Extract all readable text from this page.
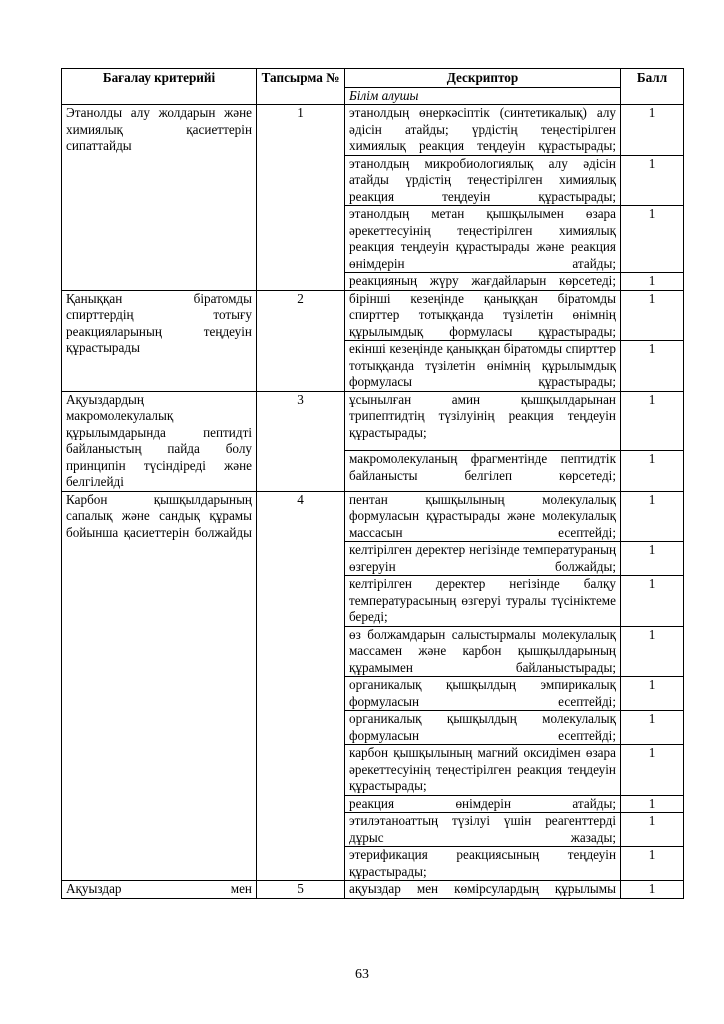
Бағалау критерийі	Тапсырма №	Дескриптор	Балл
		Білім алушы	
Этанолды алу жолдарын және химиялық қасиеттерін сипаттайды	1	этанолдың өнеркәсіптік (синтетикалық) алу әдісін атайды; үрдістің теңестірілген химиялық реакция теңдеуін құрастырады;	1
		этанолдың микробиологиялық алу әдісін атайды үрдістің теңестірілген химиялық реакция теңдеуін құрастырады;	1
		этанолдың метан қышқылымен өзара әрекеттесуінің теңестірілген химиялық реакция теңдеуін құрастырады және реакция өнімдерін атайды;	1
		реакцияның жүру жағдайларын көрсетеді;	1
Қаныққан біратомды спирттердің тотығу реакцияларының теңдеуін құрастырады	2	бірінші кезеңінде қаныққан біратомды спирттер тотыққанда түзілетін өнімнің құрылымдық формуласы құрастырады;	1
		екінші кезеңінде қаныққан біратомды спирттер тотыққанда түзілетін өнімнің құрылымдық формуласы құрастырады;	1
Ақуыздардың макромолекулалық құрылымдарында пептидті байланыстың пайда болу принципін түсіндіреді және белгілейді	3	ұсынылған амин қышқылдарынан трипептидтің түзілуінің реакция теңдеуін құрастырады;	1
		макромолекуланың фрагментінде пептидтік байланысты белгілеп көрсетеді;	1
Карбон қышқылдарының сапалық және сандық құрамы бойынша қасиеттерін болжайды	4	пентан қышқылының молекулалық формуласын құрастырады және молекулалық массасын есептейді;	1
		келтірілген деректер негізінде температураның өзгеруін болжайды;	1
		келтірілген деректер негізінде балқу температурасының өзгеруі туралы түсініктеме береді;	1
		өз болжамдарын салыстырмалы молекулалық массамен және карбон қышқылдарының құрамымен байланыстырады;	1
		органикалық қышқылдың эмпирикалық формуласын есептейді;	1
		органикалық қышқылдың молекулалық формуласын есептейді;	1
		карбон қышқылының магний оксидімен өзара әрекеттесуінің теңестірілген реакция теңдеуін құрастырады;	1
		реакция өнімдерін атайды;	1
		этилэтаноаттың түзілуі үшін реагенттерді дұрыс жазады;	1
		этерификация реакциясының теңдеуін құрастырады;	1
Ақуыздар мен	5	ақуыздар мен көмірсулардың құрылымы	1
63
